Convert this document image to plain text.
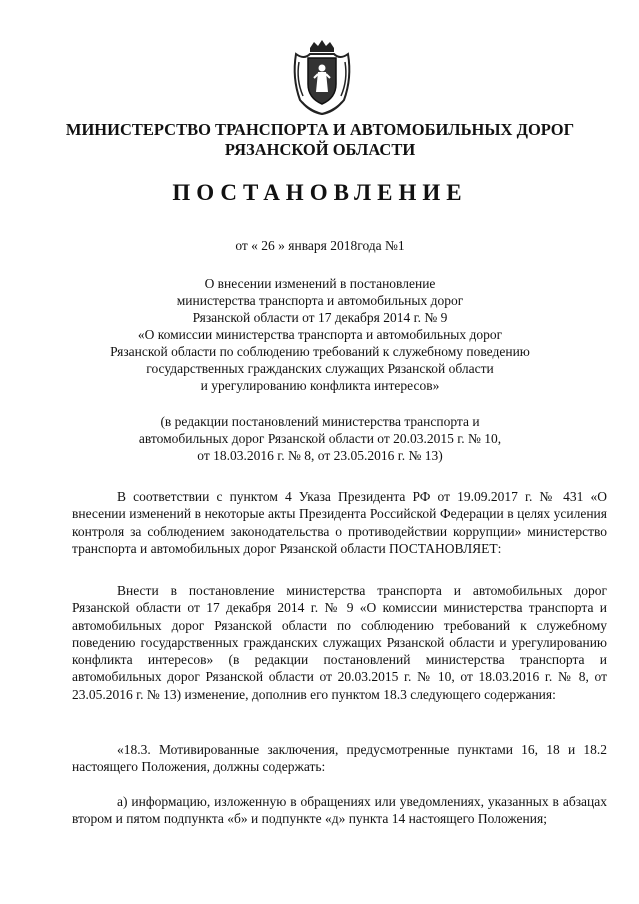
МИНИСТЕРСТВО ТРАНСПОРТА И АВТОМОБИЛЬНЫХ ДОРОГ
РЯЗАНСКОЙ ОБЛАСТИ
ПОСТАНОВЛЕНИЕ
от « 26 » января 2018года №1
О внесении изменений в постановление
министерства транспорта и автомобильных дорог
Рязанской области от 17 декабря 2014 г. № 9
«О комиссии министерства транспорта и автомобильных дорог
Рязанской области по соблюдению требований к служебному поведению
государственных гражданских служащих Рязанской области
и урегулированию конфликта интересов»
(в редакции постановлений министерства транспорта и
автомобильных дорог Рязанской области от 20.03.2015 г. № 10,
от 18.03.2016 г. № 8, от 23.05.2016 г. № 13)

В соответствии с пунктом 4 Указа Президента РФ от 19.09.2017 г. № 431 «О внесении изменений в некоторые акты Президента Российской Федерации в целях усиления контроля за соблюдением законодательства о противодействии коррупции» министерство транспорта и автомобильных дорог Рязанской области ПОСТАНОВЛЯЕТ:

Внести в постановление министерства транспорта и автомобильных дорог Рязанской области от 17 декабря 2014 г. № 9 «О комиссии министерства транспорта и автомобильных дорог Рязанской области по соблюдению требований к служебному поведению государственных гражданских служащих Рязанской области и урегулированию конфликта интересов» (в редакции постановлений министерства транспорта и автомобильных дорог Рязанской области от 20.03.2015 г. № 10, от 18.03.2016 г. № 8, от 23.05.2016 г. № 13) изменение, дополнив его пунктом 18.3 следующего содержания:

«18.3. Мотивированные заключения, предусмотренные пунктами 16, 18 и 18.2 настоящего Положения, должны содержать:

а) информацию, изложенную в обращениях или уведомлениях, указанных в абзацах втором и пятом подпункта «б» и подпункте «д» пункта 14 настоящего Положения;
